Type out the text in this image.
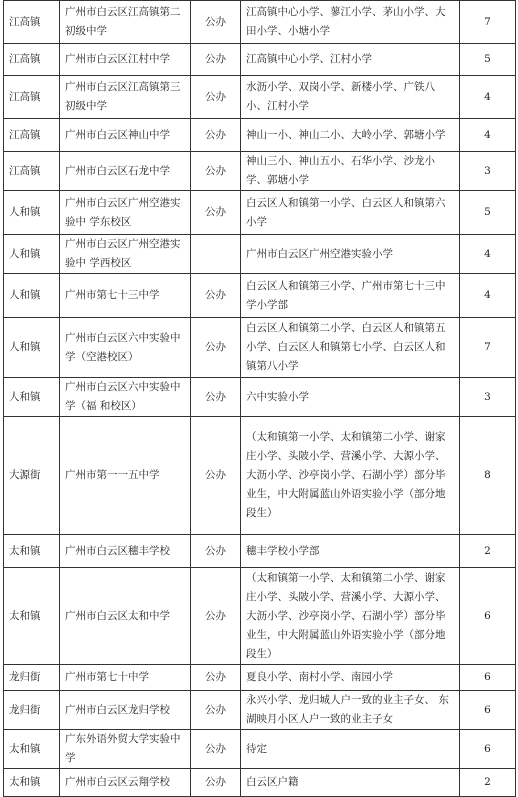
江高镇	广州市白云区江高镇第二初级中学	公办	江高镇中心小学、蓼江小学、茅山小学、大田小学、小塘小学	7
江高镇	广州市白云区江村中学	公办	江高镇中心小学、江村小学	5
江高镇	广州市白云区江高镇第三初级中学	公办	水沥小学、双岗小学、新楼小学、广铁八小、江村小学	4
江高镇	广州市白云区神山中学	公办	神山一小、神山二小、大岭小学、郭塘小学	4
江高镇	广州市白云区石龙中学	公办	神山三小、神山五小、石华小学、沙龙小学、郭塘小学	3
人和镇	广州市白云区广州空港实验中 学东校区	公办	白云区人和镇第一小学、白云区人和镇第六小学	5
人和镇	广州市白云区广州空港实验中 学西校区		广州市白云区广州空港实验小学	4
人和镇	广州市第七十三中学	公办	白云区人和镇第三小学、广州市第七十三中学小学部	4
人和镇	广州市白云区六中实验中学（空港校区）	公办	白云区人和镇第二小学、白云区人和镇第五小学、白云区人和镇第七小学、白云区人和镇第八小学	7
人和镇	广州市白云区六中实验中学（福 和校区）	公办	六中实验小学	3
大源街	广州市第一一五中学	公办	（太和镇第一小学、太和镇第二小学、谢家庄小学、头陂小学、营溪小学、大源小学、大沥小学、沙亭岗小学、石湖小学）部分毕业生，中大附属蓝山外语实验小学（部分地段生）	8
太和镇	广州市白云区穗丰学校	公办	穗丰学校小学部	2
太和镇	广州市白云区太和中学	公办	（太和镇第一小学、太和镇第二小学、谢家庄小学、头陂小学、营溪小学、大源小学、大沥小学、沙亭岗小学、石湖小学）部分毕业生，中大附属蓝山外语实验小学（部分地段生）	6
龙归街	广州市第七十中学	公办	夏良小学、南村小学、南园小学	6
龙归街	广州市白云区龙归学校	公办	永兴小学、龙归城人户一致的业主子女、 东湖映月小区人户一致的业主子女	6
太和镇	广东外语外贸大学实验中学	公办	待定	6
太和镇	广州市白云区云翔学校	公办	白云区户籍	2
